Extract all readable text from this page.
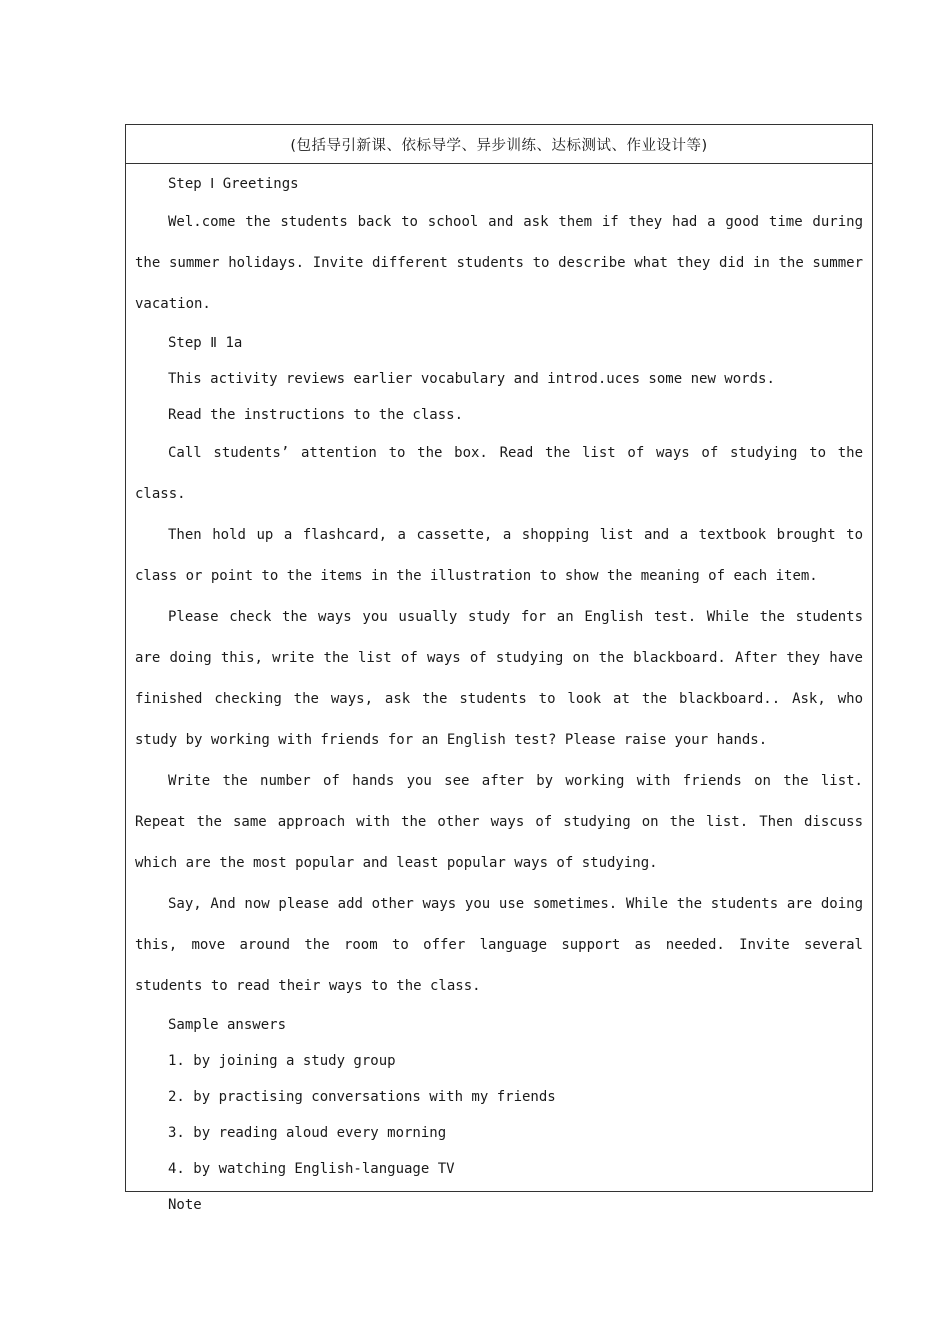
(包括导引新课、依标导学、异步训练、达标测试、作业设计等)

Step Ⅰ Greetings

Wel.come the students back to school and ask them if they had a good time during the summer holidays. Invite different students to describe what they did in the summer vacation.

Step Ⅱ 1a

This activity reviews earlier vocabulary and introd.uces some new words.

Read the instructions to the class.

Call students’ attention to the box. Read the list of ways of studying to the class.

Then hold up a flashcard, a cassette, a shopping list and a textbook brought to class or point to the items in the illustration to show the meaning of each item.

Please check the ways you usually study for an English test. While the students are doing this, write the list of ways of studying on the blackboard. After they have finished checking the ways, ask the students to look at the blackboard.. Ask, who study by working with friends for an English test? Please raise your hands.

Write the number of hands you see after by working with friends on the list. Repeat the same approach with the other ways of studying on the list. Then discuss which are the most popular and least popular ways of studying.

Say, And now please add other ways you use sometimes. While the students are doing this, move around the room to offer language support as needed. Invite several students to read their ways to the class.

Sample answers

1. by joining a study group

2. by practising conversations with my friends

3. by reading aloud every morning

4. by watching English-language TV

Note
